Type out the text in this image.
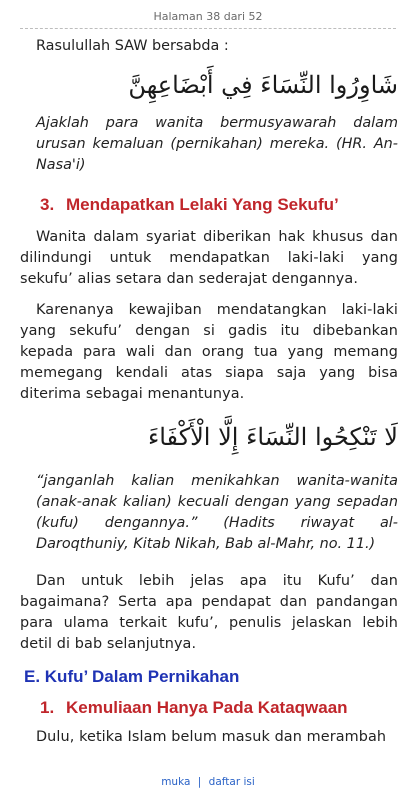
Halaman 38 dari 52

Rasulullah SAW bersabda :

شَاوِرُوا النِّسَاءَ فِي أَبْضَاعِهِنَّ

Ajaklah para wanita bermusyawarah dalam urusan kemaluan (pernikahan) mereka. (HR. An-Nasa'i)

3. Mendapatkan Lelaki Yang Sekufu’

Wanita dalam syariat diberikan hak khusus dan dilindungi untuk mendapatkan laki-laki yang sekufu’ alias setara dan sederajat dengannya.

Karenanya kewajiban mendatangkan laki-laki yang sekufu’ dengan si gadis itu dibebankan kepada para wali dan orang tua yang memang memegang kendali atas siapa saja yang bisa diterima sebagai menantunya.

لَا تَنْكِحُوا النِّسَاءَ إِلَّا الْأَكْفَاءَ

“janganlah kalian menikahkan wanita-wanita (anak-anak kalian) kecuali dengan yang sepadan (kufu) dengannya.” (Hadits riwayat al-Daroqthuniy, Kitab Nikah, Bab al-Mahr, no. 11.)

Dan untuk lebih jelas apa itu Kufu’ dan bagaimana? Serta apa pendapat dan pandangan para ulama terkait kufu’, penulis jelaskan lebih detil di bab selanjutnya.

E. Kufu’ Dalam Pernikahan
1. Kemuliaan Hanya Pada Kataqwaan

Dulu, ketika Islam belum masuk dan merambah

muka | daftar isi
